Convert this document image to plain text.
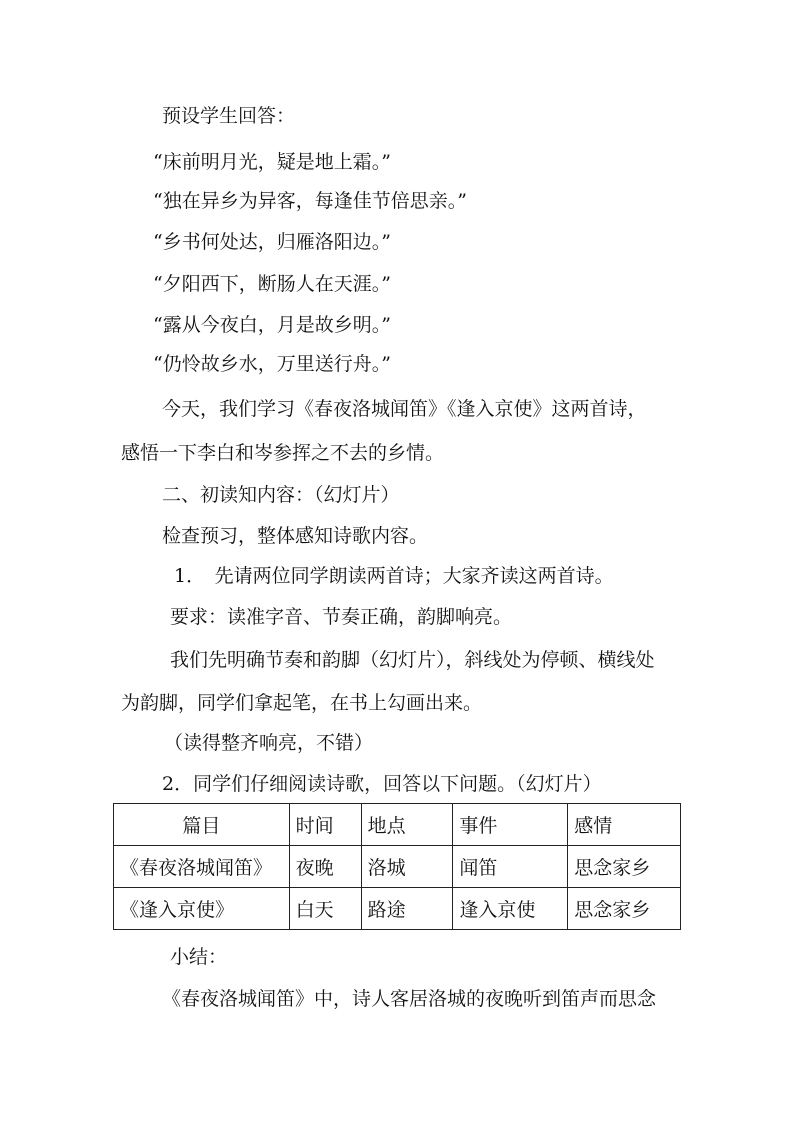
预设学生回答：
“床前明月光，疑是地上霜。”
“独在异乡为异客，每逢佳节倍思亲。”
“乡书何处达，归雁洛阳边。”
“夕阳西下，断肠人在天涯。”
“露从今夜白，月是故乡明。”
“仍怜故乡水，万里送行舟。”
今天，我们学习《春夜洛城闻笛》《逢入京使》这两首诗，
感悟一下李白和岑参挥之不去的乡情。
二、初读知内容：（幻灯片）
检查预习，整体感知诗歌内容。
1．　先请两位同学朗读两首诗；大家齐读这两首诗。
要求：读准字音、节奏正确，韵脚响亮。
我们先明确节奏和韵脚（幻灯片），斜线处为停顿、横线处
为韵脚，同学们拿起笔，在书上勾画出来。
（读得整齐响亮，不错）
2．同学们仔细阅读诗歌，回答以下问题。（幻灯片）
篇目	时间	地点	事件	感情
《春夜洛城闻笛》	夜晚	洛城	闻笛	思念家乡
《逢入京使》	白天	路途	逢入京使	思念家乡
小结：
《春夜洛城闻笛》中，诗人客居洛城的夜晚听到笛声而思念
